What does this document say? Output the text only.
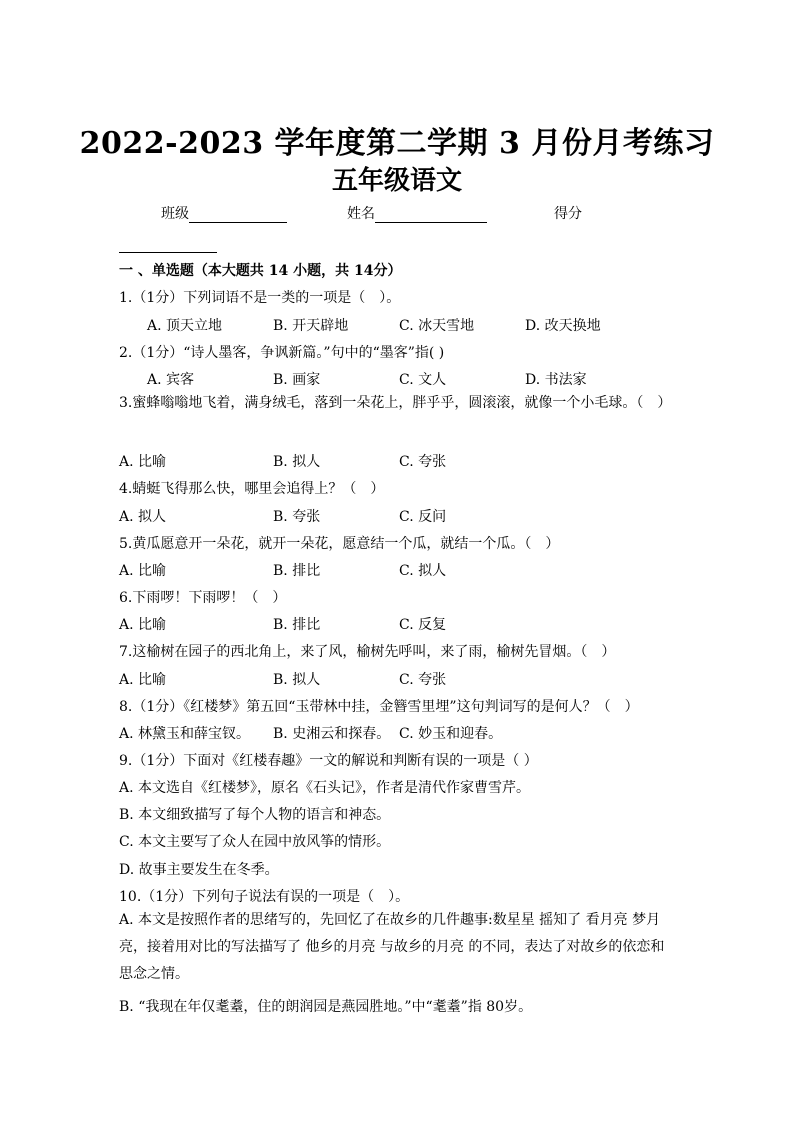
2022-2023 学年度第二学期 3 月份月考练习
五年级语文
班级	姓名	得分
一 、单选题（本大题共 14 小题，共 14分）
1.（1分）下列词语不是一类的一项是（　）。
A. 顶天立地	B. 开天辟地	C. 冰天雪地	D. 改天换地
2.（1分）“诗人墨客，争讽新篇。”句中的“墨客”指( )
A. 宾客	B. 画家	C. 文人	D. 书法家
3.蜜蜂嗡嗡地飞着，满身绒毛，落到一朵花上，胖乎乎，圆滚滚，就像一个小毛球。（　）
A. 比喻	B. 拟人	C. 夸张
4.蜻蜓飞得那么快，哪里会追得上？（　）
A. 拟人	B. 夸张	C. 反问
5.黄瓜愿意开一朵花，就开一朵花，愿意结一个瓜，就结一个瓜。（　）
A. 比喻	B. 排比	C. 拟人
6.下雨啰！下雨啰！（　）
A. 比喻	B. 排比	C. 反复
7.这榆树在园子的西北角上，来了风，榆树先呼叫，来了雨，榆树先冒烟。（　）
A. 比喻	B. 拟人	C. 夸张
8.（1分）《红楼梦》第五回“玉带林中挂，金簪雪里埋”这句判词写的是何人？（　）
A. 林黛玉和薛宝钗。 B. 史湘云和探春。 C. 妙玉和迎春。
9.（1分）下面对《红楼春趣》一文的解说和判断有误的一项是（ ）
A. 本文选自《红楼梦》，原名《石头记》，作者是清代作家曹雪芹。
B. 本文细致描写了每个人物的语言和神态。
C. 本文主要写了众人在园中放风筝的情形。
D. 故事主要发生在冬季。
10.（1分）下列句子说法有误的一项是（　）。
A. 本文是按照作者的思绪写的，先回忆了在故乡的几件趣事:数星星 摇知了 看月亮 梦月亮，接着用对比的写法描写了 他乡的月亮 与故乡的月亮 的不同，表达了对故乡的依恋和思念之情。
B. “我现在年仅耄耋，住的朗润园是燕园胜地。”中“耄耋”指 80岁。
